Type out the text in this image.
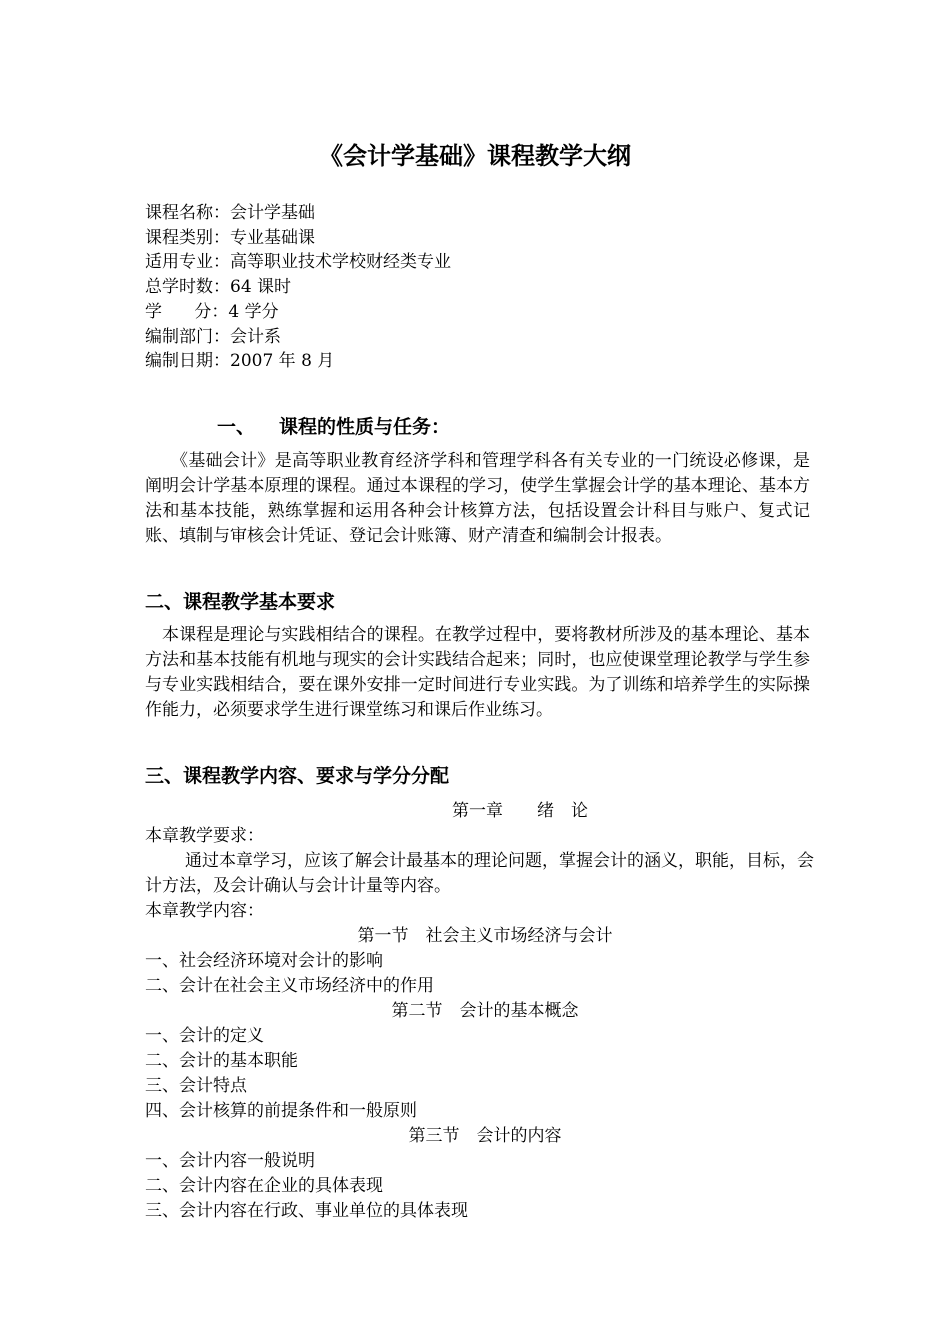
《会计学基础》课程教学大纲
课程名称：会计学基础
课程类别：专业基础课
适用专业：高等职业技术学校财经类专业
总学时数：64 课时
学      分：4 学分
编制部门：会计系
编制日期：2007 年 8 月
一、 课程的性质与任务：
　　《基础会计》是高等职业教育经济学科和管理学科各有关专业的一门统设必修课，是阐明会计学基本原理的课程。通过本课程的学习，使学生掌握会计学的基本理论、基本方法和基本技能，熟练掌握和运用各种会计核算方法，包括设置会计科目与账户、复式记账、填制与审核会计凭证、登记会计账簿、财产清查和编制会计报表。
二、课程教学基本要求
　本课程是理论与实践相结合的课程。在教学过程中，要将教材所涉及的基本理论、基本方法和基本技能有机地与现实的会计实践结合起来；同时，也应使课堂理论教学与学生参与专业实践相结合，要在课外安排一定时间进行专业实践。为了训练和培养学生的实际操作能力，必须要求学生进行课堂练习和课后作业练习。
三、课程教学内容、要求与学分分配
第一章　　绪　论
本章教学要求：
通过本章学习，应该了解会计最基本的理论问题，掌握会计的涵义，职能，目标，会计方法，及会计确认与会计计量等内容。
本章教学内容：
第一节　社会主义市场经济与会计
一、社会经济环境对会计的影响
二、会计在社会主义市场经济中的作用
第二节　会计的基本概念
一、会计的定义
二、会计的基本职能
三、会计特点
四、会计核算的前提条件和一般原则
第三节　会计的内容
一、会计内容一般说明
二、会计内容在企业的具体表现
三、会计内容在行政、事业单位的具体表现
